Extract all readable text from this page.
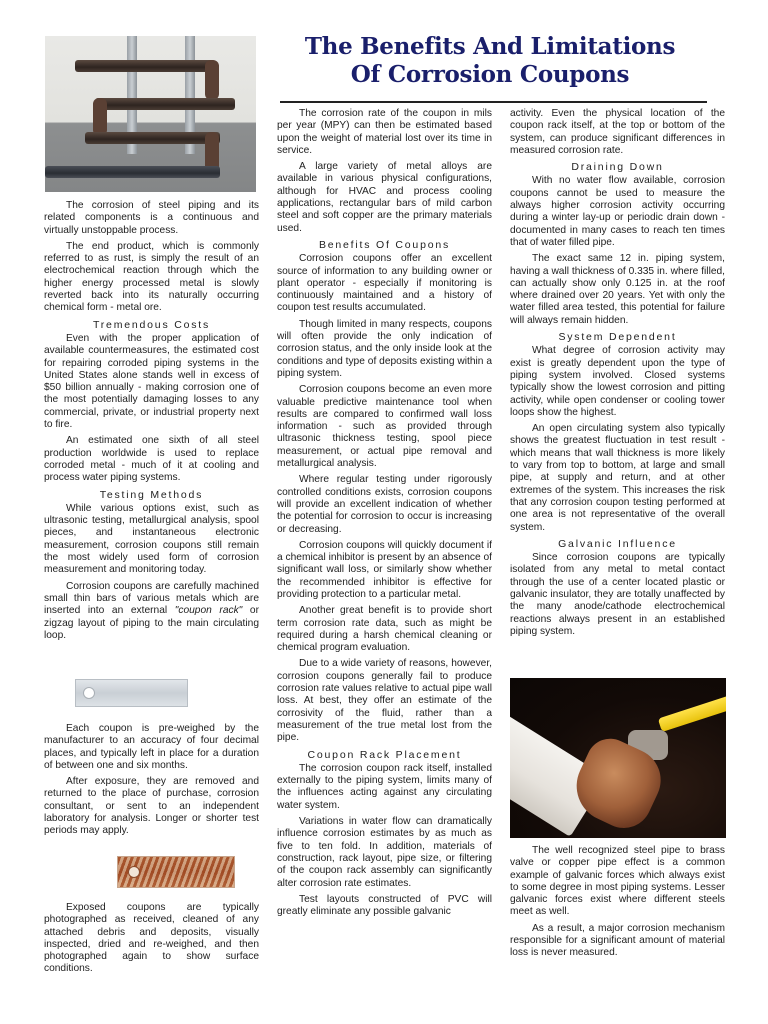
The Benefits And Limitations
Of Corrosion Coupons

The corrosion of steel piping and its related components is a continuous and virtually unstoppable process.

The end product, which is commonly referred to as rust, is simply the result of an electrochemical reaction through which the higher energy processed metal is slowly reverted back into its naturally occurring chemical form - metal ore.

Tremendous Costs

Even with the proper application of available countermeasures, the estimated cost for repairing corroded piping systems in the United States alone stands well in excess of $50 billion annually - making corrosion one of the most potentially damaging losses to any commercial, private, or industrial property next to fire.

An estimated one sixth of all steel production worldwide is used to replace corroded metal - much of it at cooling and process water piping systems.

Testing Methods

While various options exist, such as ultrasonic testing, metallurgical analysis, spool pieces, and instantaneous electronic measurement, corrosion coupons still remain the most widely used form of corrosion measurement and monitoring today.

Corrosion coupons are carefully machined small thin bars of various metals which are inserted into an external "coupon rack" or zigzag layout of piping to the main circulating loop.

Each coupon is pre-weighed by the manufacturer to an accuracy of four decimal places, and typically left in place for a duration of between one and six months.

After exposure, they are removed and returned to the place of purchase, corrosion consultant, or sent to an independent laboratory for analysis. Longer or shorter test periods may apply.

Exposed coupons are typically photographed as received, cleaned of any attached debris and deposits, visually inspected, dried and re-weighed, and then photographed again to show surface conditions.

The corrosion rate of the coupon in mils per year (MPY) can then be estimated based upon the weight of material lost over its time in service.

A large variety of metal alloys are available in various physical configurations, although for HVAC and process cooling applications, rectangular bars of mild carbon steel and soft copper are the primary materials used.

Benefits Of Coupons

Corrosion coupons offer an excellent source of information to any building owner or plant operator - especially if monitoring is continuously maintained and a history of coupon test results accumulated.

Though limited in many respects, coupons will often provide the only indication of corrosion status, and the only inside look at the conditions and type of deposits existing within a piping system.

Corrosion coupons become an even more valuable predictive maintenance tool when results are compared to confirmed wall loss information - such as provided through ultrasonic thickness testing, spool piece measurement, or actual pipe removal and metallurgical analysis.

Where regular testing under rigorously controlled conditions exists, corrosion coupons will provide an excellent indication of whether the potential for corrosion to occur is increasing or decreasing.

Corrosion coupons will quickly document if a chemical inhibitor is present by an absence of significant wall loss, or similarly show whether the recommended inhibitor is effective for providing protection to a particular metal.

Another great benefit is to provide short term corrosion rate data, such as might be required during a harsh chemical cleaning or chemical program evaluation.

Due to a wide variety of reasons, however, corrosion coupons generally fail to produce corrosion rate values relative to actual pipe wall loss. At best, they offer an estimate of the corrosivity of the fluid, rather than a measurement of the true metal lost from the pipe.

Coupon Rack Placement

The corrosion coupon rack itself, installed externally to the piping system, limits many of the influences acting against any circulating water system.

Variations in water flow can dramatically influence corrosion estimates by as much as five to ten fold. In addition, materials of construction, rack layout, pipe size, or filtering of the coupon rack assembly can significantly alter corrosion rate estimates.

Test layouts constructed of PVC will greatly eliminate any possible galvanic

activity. Even the physical location of the coupon rack itself, at the top or bottom of the system, can produce significant differences in measured corrosion rate.

Draining Down

With no water flow available, corrosion coupons cannot be used to measure the always higher corrosion activity occurring during a winter lay-up or periodic drain down - documented in many cases to reach ten times that of water filled pipe.

The exact same 12 in. piping system, having a wall thickness of 0.335 in. where filled, can actually show only 0.125 in. at the roof where drained over 20 years. Yet with only the water filled area tested, this potential for failure will always remain hidden.

System Dependent

What degree of corrosion activity may exist is greatly dependent upon the type of piping system involved. Closed systems typically show the lowest corrosion and pitting activity, while open condenser or cooling tower loops show the highest.

An open circulating system also typically shows the greatest fluctuation in test result - which means that wall thickness is more likely to vary from top to bottom, at large and small pipe, at supply and return, and at other extremes of the system. This increases the risk that any corrosion coupon testing performed at one area is not representative of the overall system.

Galvanic Influence

Since corrosion coupons are typically isolated from any metal to metal contact through the use of a center located plastic or galvanic insulator, they are totally unaffected by the many anode/cathode electrochemical reactions always present in an established piping system.

The well recognized steel pipe to brass valve or copper pipe effect is a common example of galvanic forces which always exist to some degree in most piping systems. Lesser galvanic forces exist where different steels meet as well.

As a result, a major corrosion mechanism responsible for a significant amount of material loss is never measured.
